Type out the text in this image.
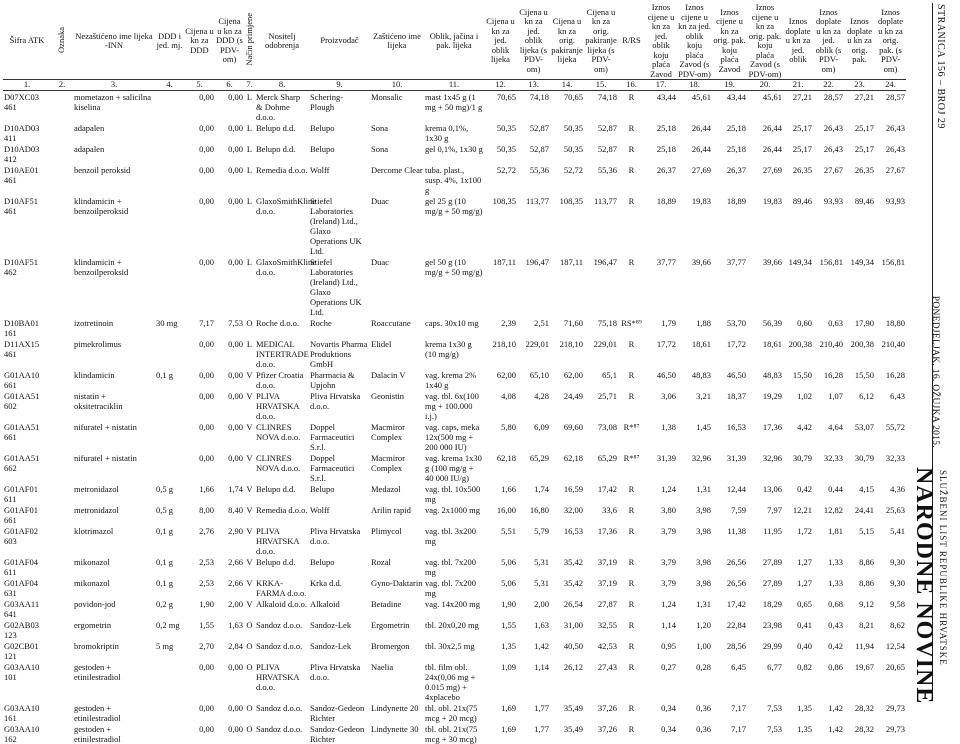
Šifra ATK	Oznaka	Nezaštićeno ime lijeka -INN	DDD i jed. mj.	Cijena u kn za DDD	Cijena u kn za DDD (s PDV-om)	Način primjene	Nositelj odobrenja	Proizvođač	Zaštićeno ime lijeka	Oblik, jačina i pak. lijeka	Cijena u kn za jed. oblik lijeka	Cijena u kn za jed. oblik lijeka (s PDV-om)	Cijena u kn za orig. pakiranje lijeka	Cijena u kn za orig. pakiranje lijeka (s PDV-om)	R/RS	Iznos cijene u kn za jed. oblik koju plaća Zavod	Iznos cijene u kn za jed. oblik koju plaća Zavod (s PDV-om)	Iznos cijene u kn za orig. pak. koju plaća Zavod	Iznos cijene u kn za orig. pak. koju plaća Zavod (s PDV-om)	Iznos doplate u kn za jed. oblik	Iznos doplate u kn za jed. oblik (s PDV-om)	Iznos doplate u kn za orig. pak.	Iznos doplate u kn za orig. pak. (s PDV-om)
1.	2.	3.	4.	5.	6.	7.	8.	9.	10.	11.	12.	13.	14.	15.	16.	17.	18.	19.	20.	21.	22.	23.	24.
D07XC03 461		mometazon + salicilna kiselina		0,00	0,00	L	Merck Sharp & Dohme d.o.o.	Schering- Plough	Monsalic	mast 1x45 g (1 mg + 50 mg)/1 g	70,65	74,18	70,65	74,18	R	43,44	45,61	43,44	45,61	27,21	28,57	27,21	28,57
D10AD03 411		adapalen		0,00	0,00	L	Belupo d.d.	Belupo	Sona	krema 0,1%, 1x30 g	50,35	52,87	50,35	52,87	R	25,18	26,44	25,18	26,44	25,17	26,43	25,17	26,43
D10AD03 412		adapalen		0,00	0,00	L	Belupo d.d.	Belupo	Sona	gel 0,1%, 1x30 g	50,35	52,87	50,35	52,87	R	25,18	26,44	25,18	26,44	25,17	26,43	25,17	26,43
D10AE01 461		benzoil peroksid		0,00	0,00	L	Remedia d.o.o.	Wolff	Dercome Clear	tuba. plast., susp. 4%, 1x100 g	52,72	55,36	52,72	55,36	R	26,37	27,69	26,37	27,69	26,35	27,67	26,35	27,67
D10AF51 461		klindamicin + benzoilperoksid		0,00	0,00	L	GlaxoSmithKline d.o.o.	Stiefel Laboratories (Ireland) Ltd., Glaxo Operations UK Ltd.	Duac	gel 25 g (10 mg/g + 50 mg/g)	108,35	113,77	108,35	113,77	R	18,89	19,83	18,89	19,83	89,46	93,93	89,46	93,93
D10AF51 462		klindamicin + benzoilperoksid		0,00	0,00	L	GlaxoSmithKline d.o.o.	Stiefel Laboratories (Ireland) Ltd., Glaxo Operations UK Ltd.	Duac	gel 50 g (10 mg/g + 50 mg/g)	187,11	196,47	187,11	196,47	R	37,77	39,66	37,77	39,66	149,34	156,81	149,34	156,81
D10BA01 161		izotretinoin	30 mg	7,17	7,53	O	Roche d.o.o.	Roche	Roaccutane	caps. 30x10 mg	2,39	2,51	71,60	75,18	RS*⁸⁹	1,79	1,88	53,70	56,39	0,60	0,63	17,90	18,80
D11AX15 461		pimekrolimus		0,00	0,00	L	MEDICAL INTERTRADE d.o.o.	Novartis Pharma Produktions GmbH	Elidel	krema 1x30 g (10 mg/g)	218,10	229,01	218,10	229,01	R	17,72	18,61	17,72	18,61	200,38	210,40	200,38	210,40
G01AA10 661		klindamicin	0,1 g	0,00	0,00	V	Pfizer Croatia d.o.o.	Pharmacia & Upjohn	Dalacin V	vag. krema 2% 1x40 g	62,00	65,10	62,00	65,1	R	46,50	48,83	46,50	48,83	15,50	16,28	15,50	16,28
G01AA51 602		nistatin + oksitetraciklin		0,00	0,00	V	PLIVA HRVATSKA d.o.o.	Pliva Hrvatska d.o.o.	Geonistin	vag. tbl. 6x(100 mg + 100.000 i.j.)	4,08	4,28	24,49	25,71	R	3,06	3,21	18,37	19,29	1,02	1,07	6,12	6,43
G01AA51 661		nifuratel + nistatin		0,00	0,00	V	CLINRES NOVA d.o.o.	Doppel Farmaceutici S.r.l.	Macmiror Complex	vag. caps, meka 12x(500 mg + 200 000 IU)	5,80	6,09	69,60	73,08	R*⁸⁷	1,38	1,45	16,53	17,36	4,42	4,64	53,07	55,72
G01AA51 662		nifuratel + nistatin		0,00	0,00	V	CLINRES NOVA d.o.o.	Doppel Farmaceutici S.r.l.	Macmiror Complex	vag. krema 1x30 g (100 mg/g + 40 000 IU/g)	62,18	65,29	62,18	65,29	R*⁸⁷	31,39	32,96	31,39	32,96	30,79	32,33	30,79	32,33
G01AF01 611		metronidazol	0,5 g	1,66	1,74	V	Belupo d.d.	Belupo	Medazol	vag. tbl. 10x500 mg	1,66	1,74	16,59	17,42	R	1,24	1,31	12,44	13,06	0,42	0,44	4,15	4,36
G01AF01 661		metronidazol	0,5 g	8,00	8,40	V	Remedia d.o.o.	Wolff	Arilin rapid	vag. 2x1000 mg	16,00	16,80	32,00	33,6	R	3,80	3,98	7,59	7,97	12,21	12,82	24,41	25,63
G01AF02 603		klotrimazol	0,1 g	2,76	2,90	V	PLIVA HRVATSKA d.o.o.	Pliva Hrvatska d.o.o.	Plimycol	vag. tbl. 3x200 mg	5,51	5,79	16,53	17,36	R	3,79	3,98	11,38	11,95	1,72	1,81	5,15	5,41
G01AF04 611		mikonazol	0,1 g	2,53	2,66	V	Belupo d.d.	Belupo	Rozal	vag. tbl. 7x200 mg	5,06	5,31	35,42	37,19	R	3,79	3,98	26,56	27,89	1,27	1,33	8,86	9,30
G01AF04 631		mikonazol	0,1 g	2,53	2,66	V	KRKA-FARMA d.o.o.	Krka d.d.	Gyno-Daktarin	vag. tbl. 7x200 mg	5,06	5,31	35,42	37,19	R	3,79	3,98	26,56	27,89	1,27	1,33	8,86	9,30
G03AA11 641		povidon-jod	0,2 g	1,90	2,00	V	Alkaloid d.o.o.	Alkaloid	Betadine	vag. 14x200 mg	1,90	2,00	26,54	27,87	R	1,24	1,31	17,42	18,29	0,65	0,68	9,12	9,58
G02AB03 123		ergometrin	0,2 mg	1,55	1,63	O	Sandoz d.o.o.	Sandoz-Lek	Ergometrin	tbl. 20x0,20 mg	1,55	1,63	31,00	32,55	R	1,14	1,20	22,84	23,98	0,41	0,43	8,21	8,62
G02CB01 121		bromokriptin	5 mg	2,70	2,84	O	Sandoz d.o.o.	Sandoz-Lek	Bromergon	tbl. 30x2,5 mg	1,35	1,42	40,50	42,53	R	0,95	1,00	28,56	29,99	0,40	0,42	11,94	12,54
G03AA10 101		gestoden + etinilestradiol		0,00	0,00	O	PLIVA HRVATSKA d.o.o.	Pliva Hrvatska d.o.o.	Naelia	tbl. film obl. 24x(0,06 mg + 0.015 mg) + 4xplacebo	1,09	1,14	26,12	27,43	R	0,27	0,28	6,45	6,77	0,82	0,86	19,67	20,65
G03AA10 161		gestoden + etinilestradiol		0,00	0,00	O	Sandoz d.o.o.	Sandoz-Gedeon Richter	Lindynette 20	tbl. obl. 21x(75 mcg + 20 mcg)	1,69	1,77	35,49	37,26	R	0,34	0,36	7,17	7,53	1,35	1,42	28,32	29,73
G03AA10 162		gestoden + etinilestradiol		0,00	0,00	O	Sandoz d.o.o.	Sandoz-Gedeon Richter	Lindynette 30	tbl. obl. 21x(75 mcg + 30 mcg)	1,69	1,77	35,49	37,26	R	0,34	0,36	7,17	7,53	1,35	1,42	28,32	29,73
STRANICA 156 – BROJ 29
NARODNE NOVINE SLUŽBENI LIST REPUBLIKE HRVATSKE
PONEDJELJAK, 16. OŽUJKA 2015.
